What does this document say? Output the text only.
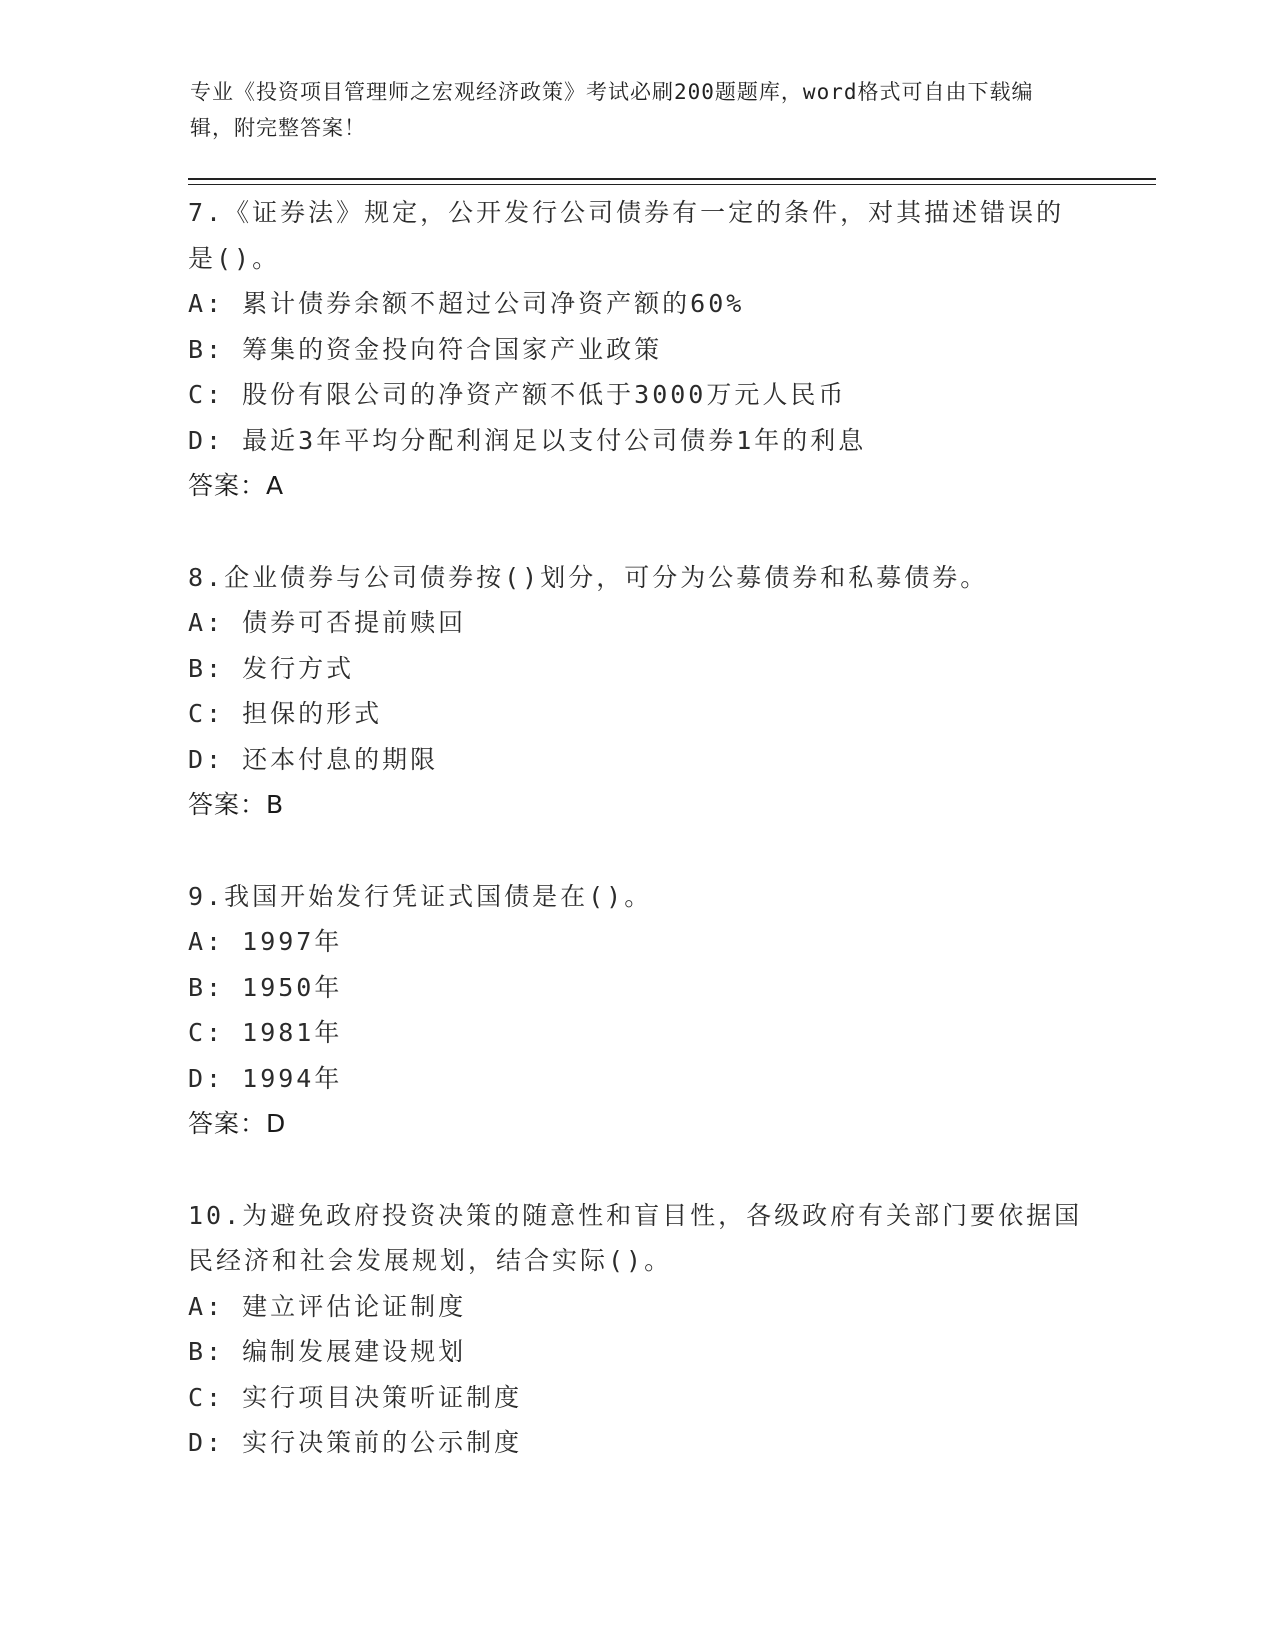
专业《投资项目管理师之宏观经济政策》考试必刷200题题库，word格式可自由下载编辑，附完整答案！
7.《证券法》规定，公开发行公司债券有一定的条件，对其描述错误的是()。
A: 累计债券余额不超过公司净资产额的60%
B: 筹集的资金投向符合国家产业政策
C: 股份有限公司的净资产额不低于3000万元人民币
D: 最近3年平均分配利润足以支付公司债券1年的利息
答案：A
8.企业债券与公司债券按()划分，可分为公募债券和私募债券。
A: 债券可否提前赎回
B: 发行方式
C: 担保的形式
D: 还本付息的期限
答案：B
9.我国开始发行凭证式国债是在()。
A: 1997年
B: 1950年
C: 1981年
D: 1994年
答案：D
10.为避免政府投资决策的随意性和盲目性，各级政府有关部门要依据国民经济和社会发展规划，结合实际()。
A: 建立评估论证制度
B: 编制发展建设规划
C: 实行项目决策听证制度
D: 实行决策前的公示制度
